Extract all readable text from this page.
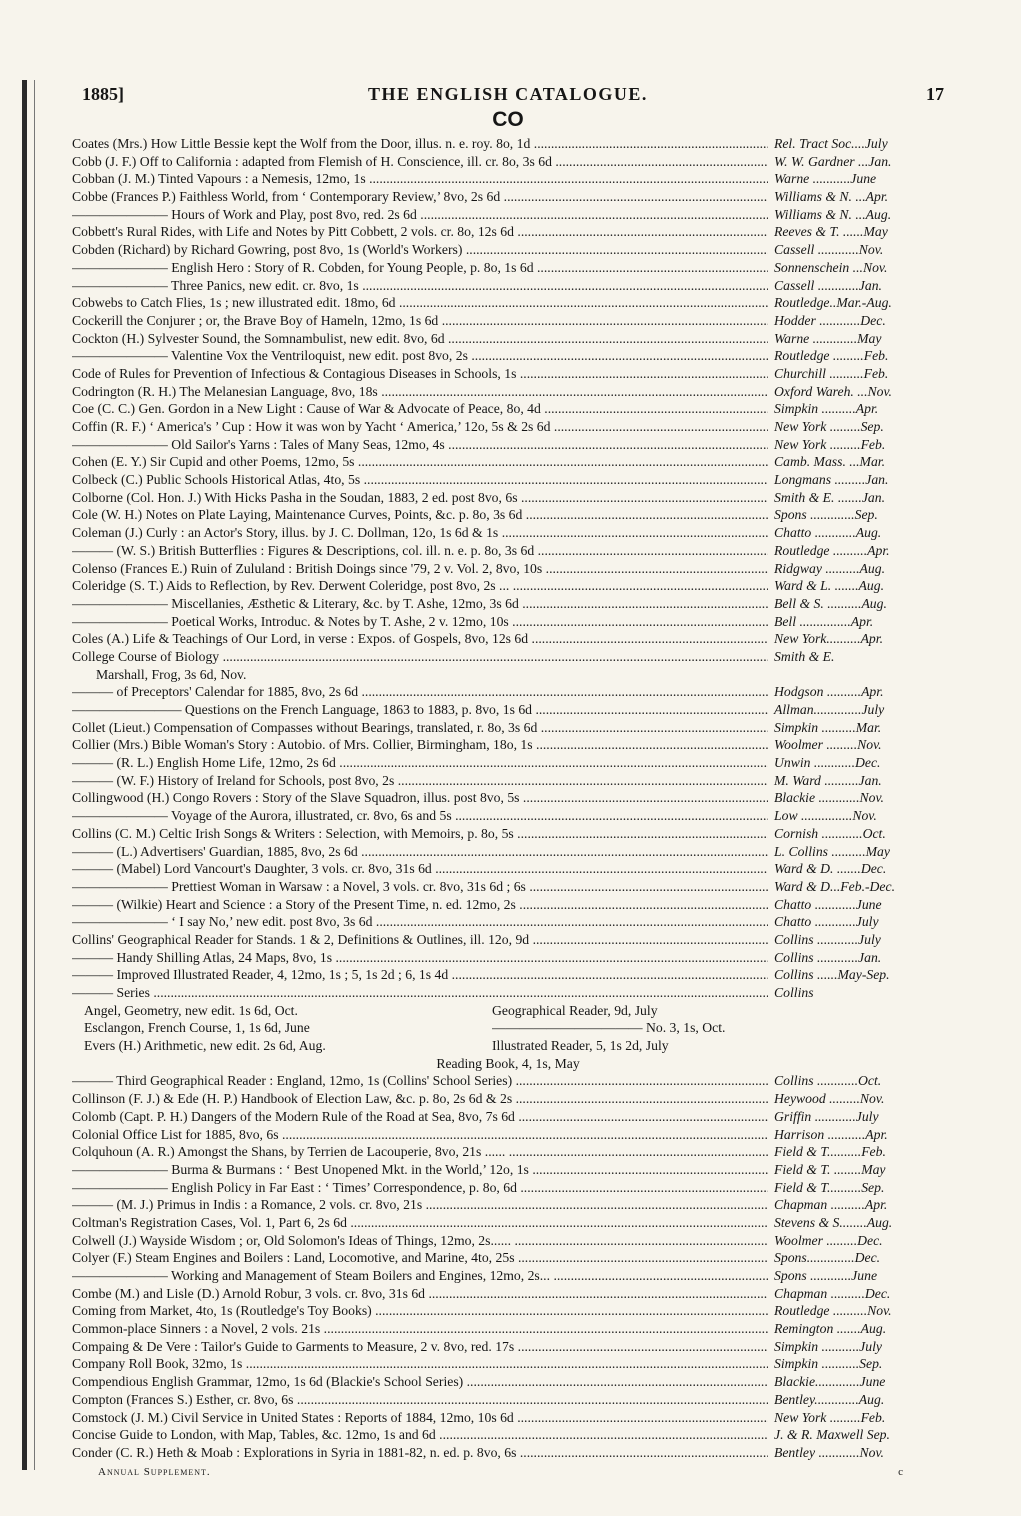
1885]	THE ENGLISH CATALOGUE.	17
CO
Coates (Mrs.) How Little Bessie kept the Wolf from the Door, illus. n. e. roy. 8o, 1d .....	Rel. Tract Soc....July
Cobb (J. F.) Off to California : adapted from Flemish of H. Conscience, ill. cr. 8o, 3s 6d .....	W. W. Gardner ...Jan.
Cobban (J. M.) Tinted Vapours : a Nemesis, 12mo, 1s .....	Warne ...........June
Cobbe (Frances P.) Faithless World, from ‘ Contemporary Review,’ 8vo, 2s 6d .....	Williams & N. ...Apr.
——————— Hours of Work and Play, post 8vo, red. 2s 6d .....	Williams & N. ...Aug.
Cobbett's Rural Rides, with Life and Notes by Pitt Cobbett, 2 vols. cr. 8o, 12s 6d .....	Reeves & T. ......May
Cobden (Richard) by Richard Gowring, post 8vo, 1s (World's Workers) .....	Cassell ............Nov.
——————— English Hero : Story of R. Cobden, for Young People, p. 8o, 1s 6d .....	Sonnenschein ...Nov.
——————— Three Panics, new edit. cr. 8vo, 1s .....	Cassell ............Jan.
Cobwebs to Catch Flies, 1s ; new illustrated edit. 18mo, 6d .....	Routledge..Mar.-Aug.
Cockerill the Conjurer ; or, the Brave Boy of Hameln, 12mo, 1s 6d .....	Hodder ............Dec.
Cockton (H.) Sylvester Sound, the Somnambulist, new edit. 8vo, 6d .....	Warne .............May
——————— Valentine Vox the Ventriloquist, new edit. post 8vo, 2s .....	Routledge .........Feb.
Code of Rules for Prevention of Infectious & Contagious Diseases in Schools, 1s .....	Churchill ..........Feb.
Codrington (R. H.) The Melanesian Language, 8vo, 18s .....	Oxford Wareh. ...Nov.
Coe (C. C.) Gen. Gordon in a New Light : Cause of War & Advocate of Peace, 8o, 4d .....	Simpkin ..........Apr.
Coffin (R. F.) ‘ America's ’ Cup : How it was won by Yacht ‘ America,’ 12o, 5s & 2s 6d .....	New York .........Sep.
——————— Old Sailor's Yarns : Tales of Many Seas, 12mo, 4s .....	New York .........Feb.
Cohen (E. Y.) Sir Cupid and other Poems, 12mo, 5s .....	Camb. Mass. ...Mar.
Colbeck (C.) Public Schools Historical Atlas, 4to, 5s .....	Longmans .........Jan.
Colborne (Col. Hon. J.) With Hicks Pasha in the Soudan, 1883, 2 ed. post 8vo, 6s .....	Smith & E. .......Jan.
Cole (W. H.) Notes on Plate Laying, Maintenance Curves, Points, &c. p. 8o, 3s 6d .....	Spons .............Sep.
Coleman (J.) Curly : an Actor's Story, illus. by J. C. Dollman, 12o, 1s 6d & 1s .....	Chatto ............Aug.
——— (W. S.) British Butterflies : Figures & Descriptions, col. ill. n. e. p. 8o, 3s 6d .....	Routledge ..........Apr.
Colenso (Frances E.) Ruin of Zululand : British Doings since '79, 2 v. Vol. 2, 8vo, 10s .....	Ridgway ..........Aug.
Coleridge (S. T.) Aids to Reflection, by Rev. Derwent Coleridge, post 8vo, 2s ... .....	Ward & L. .......Aug.
——————— Miscellanies, Æsthetic & Literary, &c. by T. Ashe, 12mo, 3s 6d .....	Bell & S. ..........Aug.
——————— Poetical Works, Introduc. & Notes by T. Ashe, 2 v. 12mo, 10s .....	Bell ...............Apr.
Coles (A.) Life & Teachings of Our Lord, in verse : Expos. of Gospels, 8vo, 12s 6d .....	New York..........Apr.
College Course of Biology .....	Smith & E.
Marshall, Frog, 3s 6d, Nov.
——— of Preceptors' Calendar for 1885, 8vo, 2s 6d .....	Hodgson ..........Apr.
———————— Questions on the French Language, 1863 to 1883, p. 8vo, 1s 6d .....	Allman..............July
Collet (Lieut.) Compensation of Compasses without Bearings, translated, r. 8o, 3s 6d .....	Simpkin ..........Mar.
Collier (Mrs.) Bible Woman's Story : Autobio. of Mrs. Collier, Birmingham, 18o, 1s .....	Woolmer .........Nov.
——— (R. L.) English Home Life, 12mo, 2s 6d .....	Unwin ............Dec.
——— (W. F.) History of Ireland for Schools, post 8vo, 2s .....	M. Ward ..........Jan.
Collingwood (H.) Congo Rovers : Story of the Slave Squadron, illus. post 8vo, 5s .....	Blackie ............Nov.
——————— Voyage of the Aurora, illustrated, cr. 8vo, 6s and 5s .....	Low ...............Nov.
Collins (C. M.) Celtic Irish Songs & Writers : Selection, with Memoirs, p. 8o, 5s .....	Cornish ............Oct.
——— (L.) Advertisers' Guardian, 1885, 8vo, 2s 6d .....	L. Collins ..........May
——— (Mabel) Lord Vancourt's Daughter, 3 vols. cr. 8vo, 31s 6d .....	Ward & D. .......Dec.
——————— Prettiest Woman in Warsaw : a Novel, 3 vols. cr. 8vo, 31s 6d ; 6s .....	Ward & D...Feb.-Dec.
——— (Wilkie) Heart and Science : a Story of the Present Time, n. ed. 12mo, 2s .....	Chatto ............June
——————— ‘ I say No,’ new edit. post 8vo, 3s 6d .....	Chatto ............July
Collins' Geographical Reader for Stands. 1 & 2, Definitions & Outlines, ill. 12o, 9d .....	Collins ............July
——— Handy Shilling Atlas, 24 Maps, 8vo, 1s .....	Collins ............Jan.
——— Improved Illustrated Reader, 4, 12mo, 1s ; 5, 1s 2d ; 6, 1s 4d .....	Collins ......May-Sep.
——— Series .....	Collins
Angel, Geometry, new edit. 1s 6d, Oct.	Geographical Reader, 9d, July
Esclangon, French Course, 1, 1s 6d, June	——————————— No. 3, 1s, Oct.
Evers (H.) Arithmetic, new edit. 2s 6d, Aug.	Illustrated Reader, 5, 1s 2d, July
Reading Book, 4, 1s, May
——— Third Geographical Reader : England, 12mo, 1s (Collins' School Series) .....	Collins ............Oct.
Collinson (F. J.) & Ede (H. P.) Handbook of Election Law, &c. p. 8o, 2s 6d & 2s .....	Heywood .........Nov.
Colomb (Capt. P. H.) Dangers of the Modern Rule of the Road at Sea, 8vo, 7s 6d .....	Griffin ............July
Colonial Office List for 1885, 8vo, 6s .....	Harrison ...........Apr.
Colquhoun (A. R.) Amongst the Shans, by Terrien de Lacouperie, 8vo, 21s ...... .....	Field & T..........Feb.
——————— Burma & Burmans : ‘ Best Unopened Mkt. in the World,’ 12o, 1s .....	Field & T. ........May
——————— English Policy in Far East : ‘ Times’ Correspondence, p. 8o, 6d .....	Field & T..........Sep.
——— (M. J.) Primus in Indis : a Romance, 2 vols. cr. 8vo, 21s .....	Chapman ..........Apr.
Coltman's Registration Cases, Vol. 1, Part 6, 2s 6d .....	Stevens & S........Aug.
Colwell (J.) Wayside Wisdom ; or, Old Solomon's Ideas of Things, 12mo, 2s...... .....	Woolmer .........Dec.
Colyer (F.) Steam Engines and Boilers : Land, Locomotive, and Marine, 4to, 25s .....	Spons..............Dec.
——————— Working and Management of Steam Boilers and Engines, 12mo, 2s... .....	Spons ............June
Combe (M.) and Lisle (D.) Arnold Robur, 3 vols. cr. 8vo, 31s 6d .....	Chapman ..........Dec.
Coming from Market, 4to, 1s (Routledge's Toy Books) .....	Routledge ..........Nov.
Common-place Sinners : a Novel, 2 vols. 21s .....	Remington .......Aug.
Compaing & De Vere : Tailor's Guide to Garments to Measure, 2 v. 8vo, red. 17s .....	Simpkin ...........July
Company Roll Book, 32mo, 1s .....	Simpkin ...........Sep.
Compendious English Grammar, 12mo, 1s 6d (Blackie's School Series) .....	Blackie.............June
Compton (Frances S.) Esther, cr. 8vo, 6s .....	Bentley.............Aug.
Comstock (J. M.) Civil Service in United States : Reports of 1884, 12mo, 10s 6d .....	New York .........Feb.
Concise Guide to London, with Map, Tables, &c. 12mo, 1s and 6d .....	J. & R. Maxwell Sep.
Conder (C. R.) Heth & Moab : Explorations in Syria in 1881-82, n. ed. p. 8vo, 6s .....	Bentley ............Nov.
Annual Supplement.	c
